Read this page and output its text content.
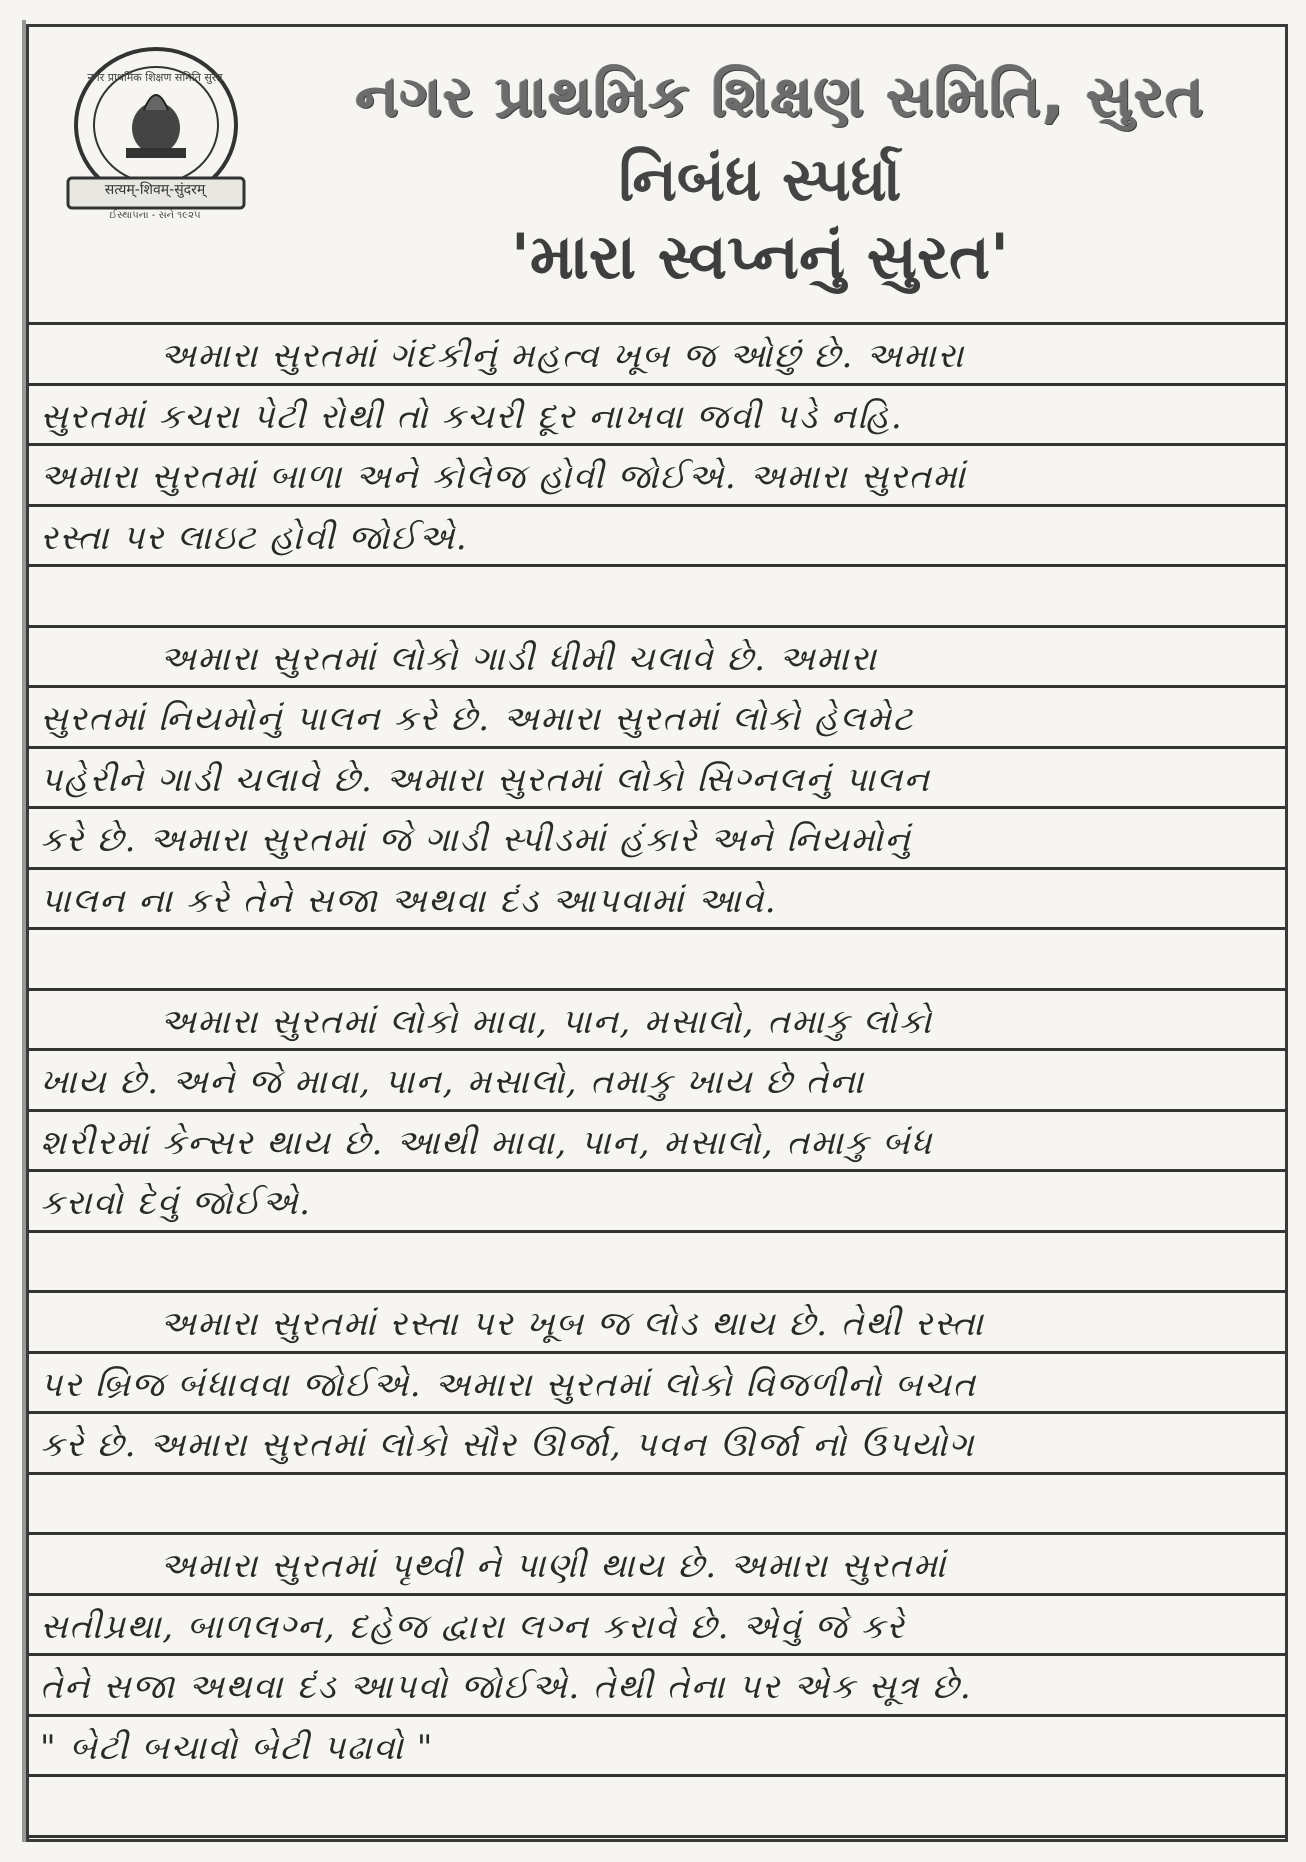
नगर प्राथमिक शिक्षण समिति सुरत
सत्यम्-शिवम्-सुंदरम्
ઈસ્થાપના - સને ૧૯૨૫
નગર પ્રાથમિક શિક્ષણ સમિતિ, સુરત
નિબંધ સ્પર્ધા
'મારા સ્વપ્નનું સુરત'
અમારા સુરતમાં ગંદકીનું મહત્વ ખૂબ જ ઓછું છે. અમારા
સુરતમાં કચરા પેટી રોથી તો કચરી દૂર નાખવા જવી પડે નહિ.
અમારા સુરતમાં બાળા અને કોલેજ હોવી જોઈએ. અમારા સુરતમાં
રસ્તા પર લાઇટ હોવી જોઈએ.
અમારા સુરતમાં લોકો ગાડી ધીમી ચલાવે છે. અમારા
સુરતમાં નિયમોનું પાલન કરે છે. અમારા સુરતમાં લોકો હેલમેટ
પહેરીને ગાડી ચલાવે છે. અમારા સુરતમાં લોકો સિગ્નલનું પાલન
કરે છે. અમારા સુરતમાં જે ગાડી સ્પીડમાં હંકારે અને નિયમોનું
પાલન ના કરે તેને સજા અથવા દંડ આપવામાં આવે.
અમારા સુરતમાં લોકો માવા, પાન, મસાલો, તમાકુ લોકો
ખાય છે. અને જે માવા, પાન, મસાલો, તમાકુ ખાય છે તેના
શરીરમાં કેન્સર થાય છે. આથી માવા, પાન, મસાલો, તમાકુ બંધ
કરાવો દેવું જોઈએ.
અમારા સુરતમાં રસ્તા પર ખૂબ જ લોડ થાય છે. તેથી રસ્તા
પર બ્રિજ બંધાવવા જોઈએ. અમારા સુરતમાં લોકો વિજળીનો બચત
કરે છે. અમારા સુરતમાં લોકો સૌર ઊર્જા, પવન ઊર્જા નો ઉપયોગ
અમારા સુરતમાં પૃથ્વી ને પાણી થાય છે. અમારા સુરતમાં
સતીપ્રથા, બાળલગ્ન, દહેજ દ્વારા લગ્ન કરાવે છે. એવું જે કરે
તેને સજા અથવા દંડ આપવો જોઈએ. તેથી તેના પર એક સૂત્ર છે.
" બેટી બચાવો બેટી પઢાવો "
